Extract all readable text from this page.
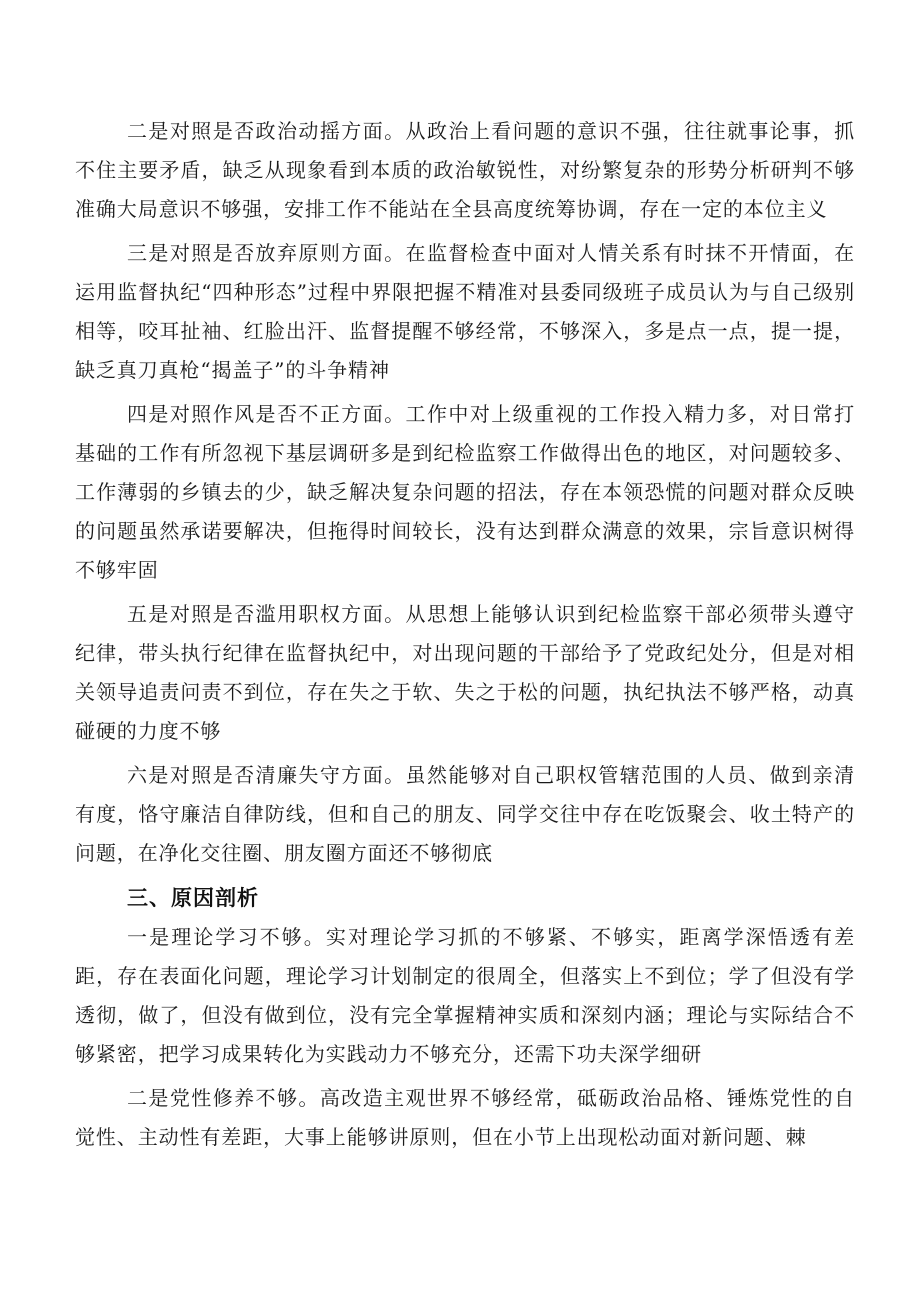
二是对照是否政治动摇方面。从政治上看问题的意识不强，往往就事论事，抓不住主要矛盾，缺乏从现象看到本质的政治敏锐性，对纷繁复杂的形势分析研判不够准确大局意识不够强，安排工作不能站在全县高度统筹协调，存在一定的本位主义

三是对照是否放弃原则方面。在监督检查中面对人情关系有时抹不开情面，在运用监督执纪“四种形态”过程中界限把握不精准对县委同级班子成员认为与自己级别相等，咬耳扯袖、红脸出汗、监督提醒不够经常，不够深入，多是点一点，提一提，缺乏真刀真枪“揭盖子”的斗争精神

四是对照作风是否不正方面。工作中对上级重视的工作投入精力多，对日常打基础的工作有所忽视下基层调研多是到纪检监察工作做得出色的地区，对问题较多、工作薄弱的乡镇去的少，缺乏解决复杂问题的招法，存在本领恐慌的问题对群众反映的问题虽然承诺要解决，但拖得时间较长，没有达到群众满意的效果，宗旨意识树得不够牢固

五是对照是否滥用职权方面。从思想上能够认识到纪检监察干部必须带头遵守纪律，带头执行纪律在监督执纪中，对出现问题的干部给予了党政纪处分，但是对相关领导追责问责不到位，存在失之于软、失之于松的问题，执纪执法不够严格，动真碰硬的力度不够

六是对照是否清廉失守方面。虽然能够对自己职权管辖范围的人员、做到亲清有度，恪守廉洁自律防线，但和自己的朋友、同学交往中存在吃饭聚会、收土特产的问题，在净化交往圈、朋友圈方面还不够彻底

三、原因剖析

一是理论学习不够。实对理论学习抓的不够紧、不够实，距离学深悟透有差距，存在表面化问题，理论学习计划制定的很周全，但落实上不到位；学了但没有学透彻，做了，但没有做到位，没有完全掌握精神实质和深刻内涵；理论与实际结合不够紧密，把学习成果转化为实践动力不够充分，还需下功夫深学细研

二是党性修养不够。高改造主观世界不够经常，砥砺政治品格、锤炼党性的自觉性、主动性有差距，大事上能够讲原则，但在小节上出现松动面对新问题、棘
